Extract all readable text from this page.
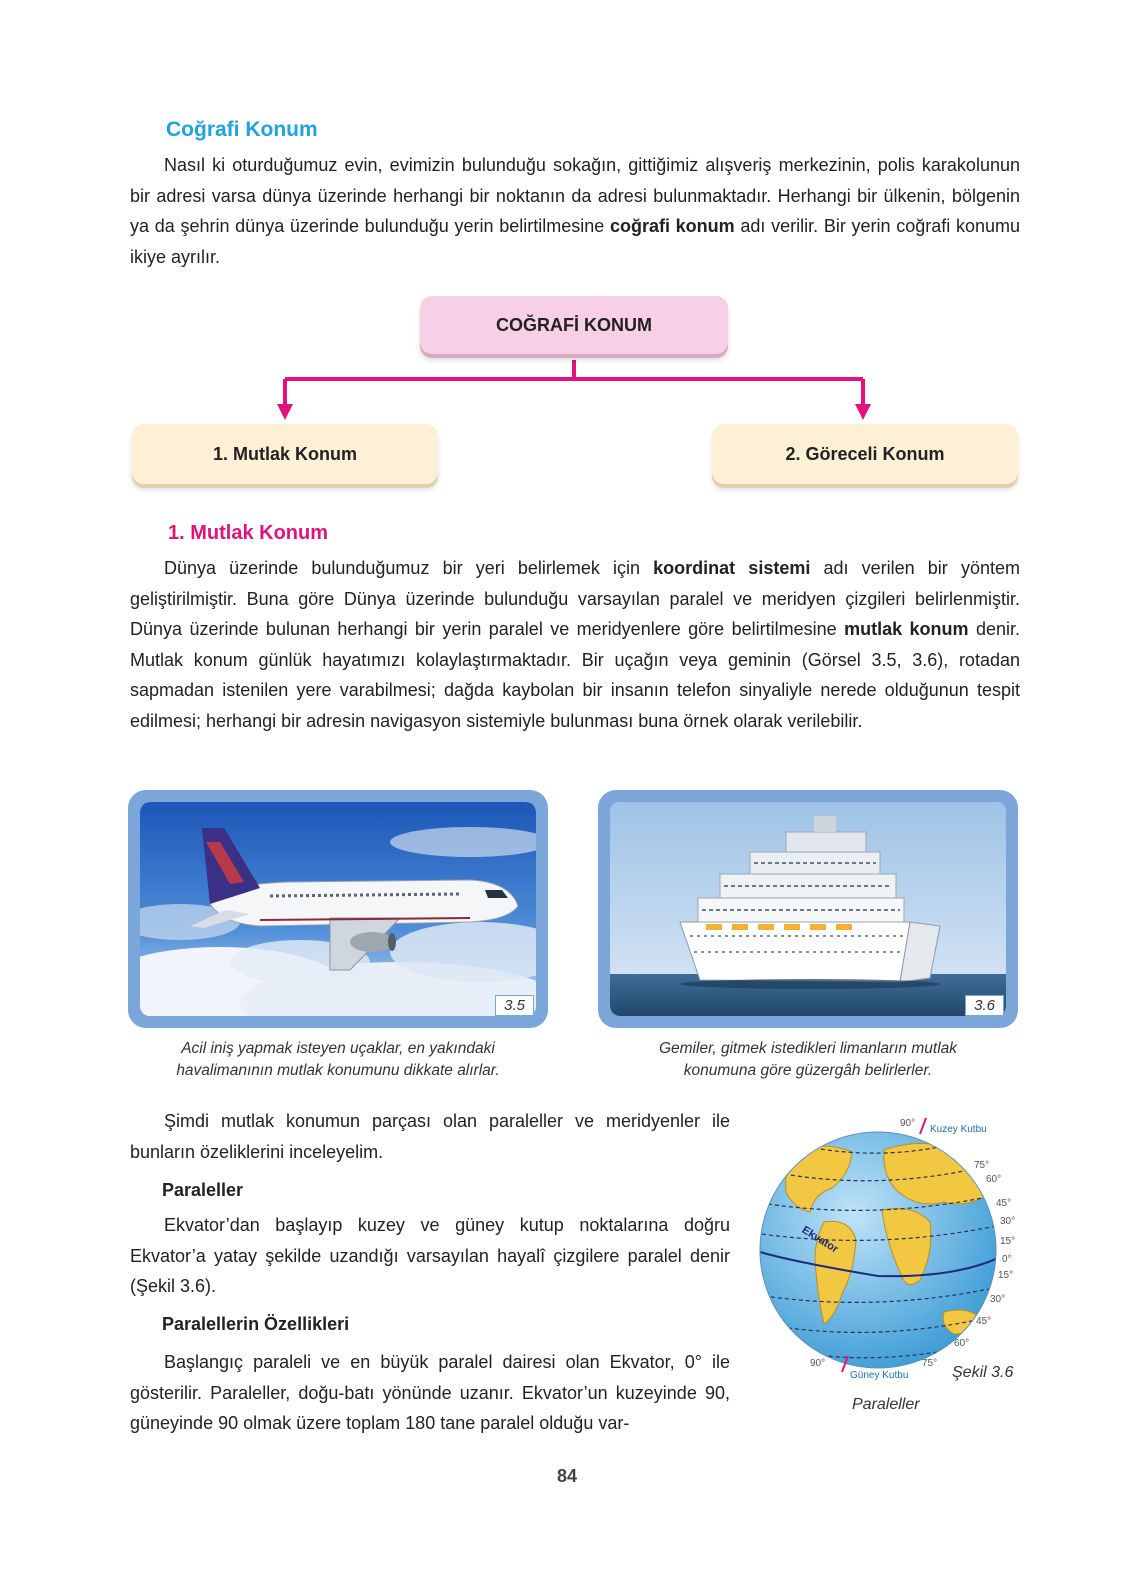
Coğrafi Konum

Nasıl ki oturduğumuz evin, evimizin bulunduğu sokağın, gittiğimiz alışveriş merkezinin, polis karakolunun bir adresi varsa dünya üzerinde herhangi bir noktanın da adresi bulunmaktadır. Herhangi bir ülkenin, bölgenin ya da şehrin dünya üzerinde bulunduğu yerin belirtilmesine coğrafi konum adı verilir. Bir yerin coğrafi konumu ikiye ayrılır.

COĞRAFİ KONUM
1. Mutlak Konum	2. Göreceli Konum
1. Mutlak Konum

Dünya üzerinde bulunduğumuz bir yeri belirlemek için koordinat sistemi adı verilen bir yöntem geliştirilmiştir. Buna göre Dünya üzerinde bulunduğu varsayılan paralel ve meridyen çizgileri belirlenmiştir. Dünya üzerinde bulunan herhangi bir yerin paralel ve meridyenlere göre belirtilmesine mutlak konum denir. Mutlak konum günlük hayatımızı kolaylaştırmaktadır. Bir uçağın veya geminin (Görsel 3.5, 3.6), rotadan sapmadan istenilen yere varabilmesi; dağda kaybolan bir insanın telefon sinyaliyle nerede olduğunun tespit edilmesi; herhangi bir adresin navigasyon sistemiyle bulunması buna örnek olarak verilebilir.

3.5

Acil iniş yapmak isteyen uçaklar, en yakındaki
havalimanının mutlak konumunu dikkate alırlar.

3.6

Gemiler, gitmek istedikleri limanların mutlak
konumuna göre güzergâh belirlerler.

Şimdi mutlak konumun parçası olan paraleller ve meridyenler ile bunların özeliklerini inceleyelim.

Paraleller

Ekvator’dan başlayıp kuzey ve güney kutup noktalarına doğru Ekvator’a yatay şekilde uzandığı varsayılan hayalî çizgilere paralel denir (Şekil 3.6).

Paralellerin Özellikleri

Başlangıç paraleli ve en büyük paralel dairesi olan Ekvator, 0° ile gösterilir. Paraleller, doğu-batı yönünde uzanır. Ekvator’un kuzeyinde 90, güneyinde 90 olmak üzere toplam 180 tane paralel olduğu var-

90°
Kuzey Kutbu
75°
60°
45°
30°
15°
0°
15°
30°
45°
60°
75°
90°
Güney Kutbu
Ekvator
Şekil 3.6
Paraleller
84
